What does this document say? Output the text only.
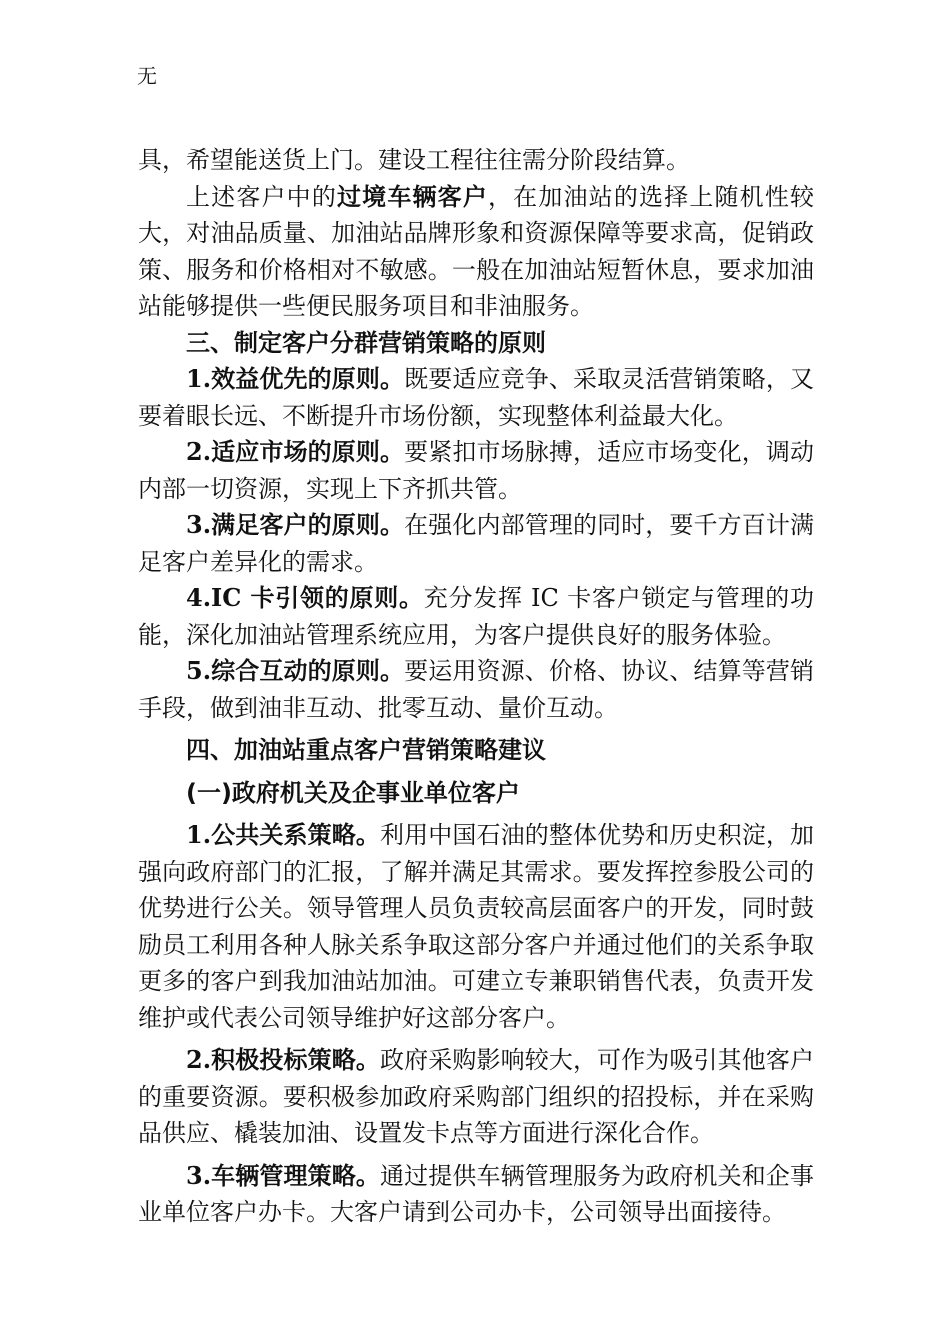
无

具，希望能送货上门。建设工程往往需分阶段结算。

上述客户中的过境车辆客户，在加油站的选择上随机性较大，对油品质量、加油站品牌形象和资源保障等要求高，促销政策、服务和价格相对不敏感。一般在加油站短暂休息，要求加油站能够提供一些便民服务项目和非油服务。

三、制定客户分群营销策略的原则

1.效益优先的原则。既要适应竞争、采取灵活营销策略，又要着眼长远、不断提升市场份额，实现整体利益最大化。

2.适应市场的原则。要紧扣市场脉搏，适应市场变化，调动内部一切资源，实现上下齐抓共管。

3.满足客户的原则。在强化内部管理的同时，要千方百计满足客户差异化的需求。

4.IC 卡引领的原则。充分发挥 IC 卡客户锁定与管理的功能，深化加油站管理系统应用，为客户提供良好的服务体验。

5.综合互动的原则。要运用资源、价格、协议、结算等营销手段，做到油非互动、批零互动、量价互动。

四、加油站重点客户营销策略建议

(一)政府机关及企事业单位客户

1.公共关系策略。利用中国石油的整体优势和历史积淀，加强向政府部门的汇报，了解并满足其需求。要发挥控参股公司的优势进行公关。领导管理人员负责较高层面客户的开发，同时鼓励员工利用各种人脉关系争取这部分客户并通过他们的关系争取更多的客户到我加油站加油。可建立专兼职销售代表，负责开发维护或代表公司领导维护好这部分客户。

2.积极投标策略。政府采购影响较大，可作为吸引其他客户的重要资源。要积极参加政府采购部门组织的招投标，并在采购品供应、橇装加油、设置发卡点等方面进行深化合作。

3.车辆管理策略。通过提供车辆管理服务为政府机关和企事业单位客户办卡。大客户请到公司办卡，公司领导出面接待。
